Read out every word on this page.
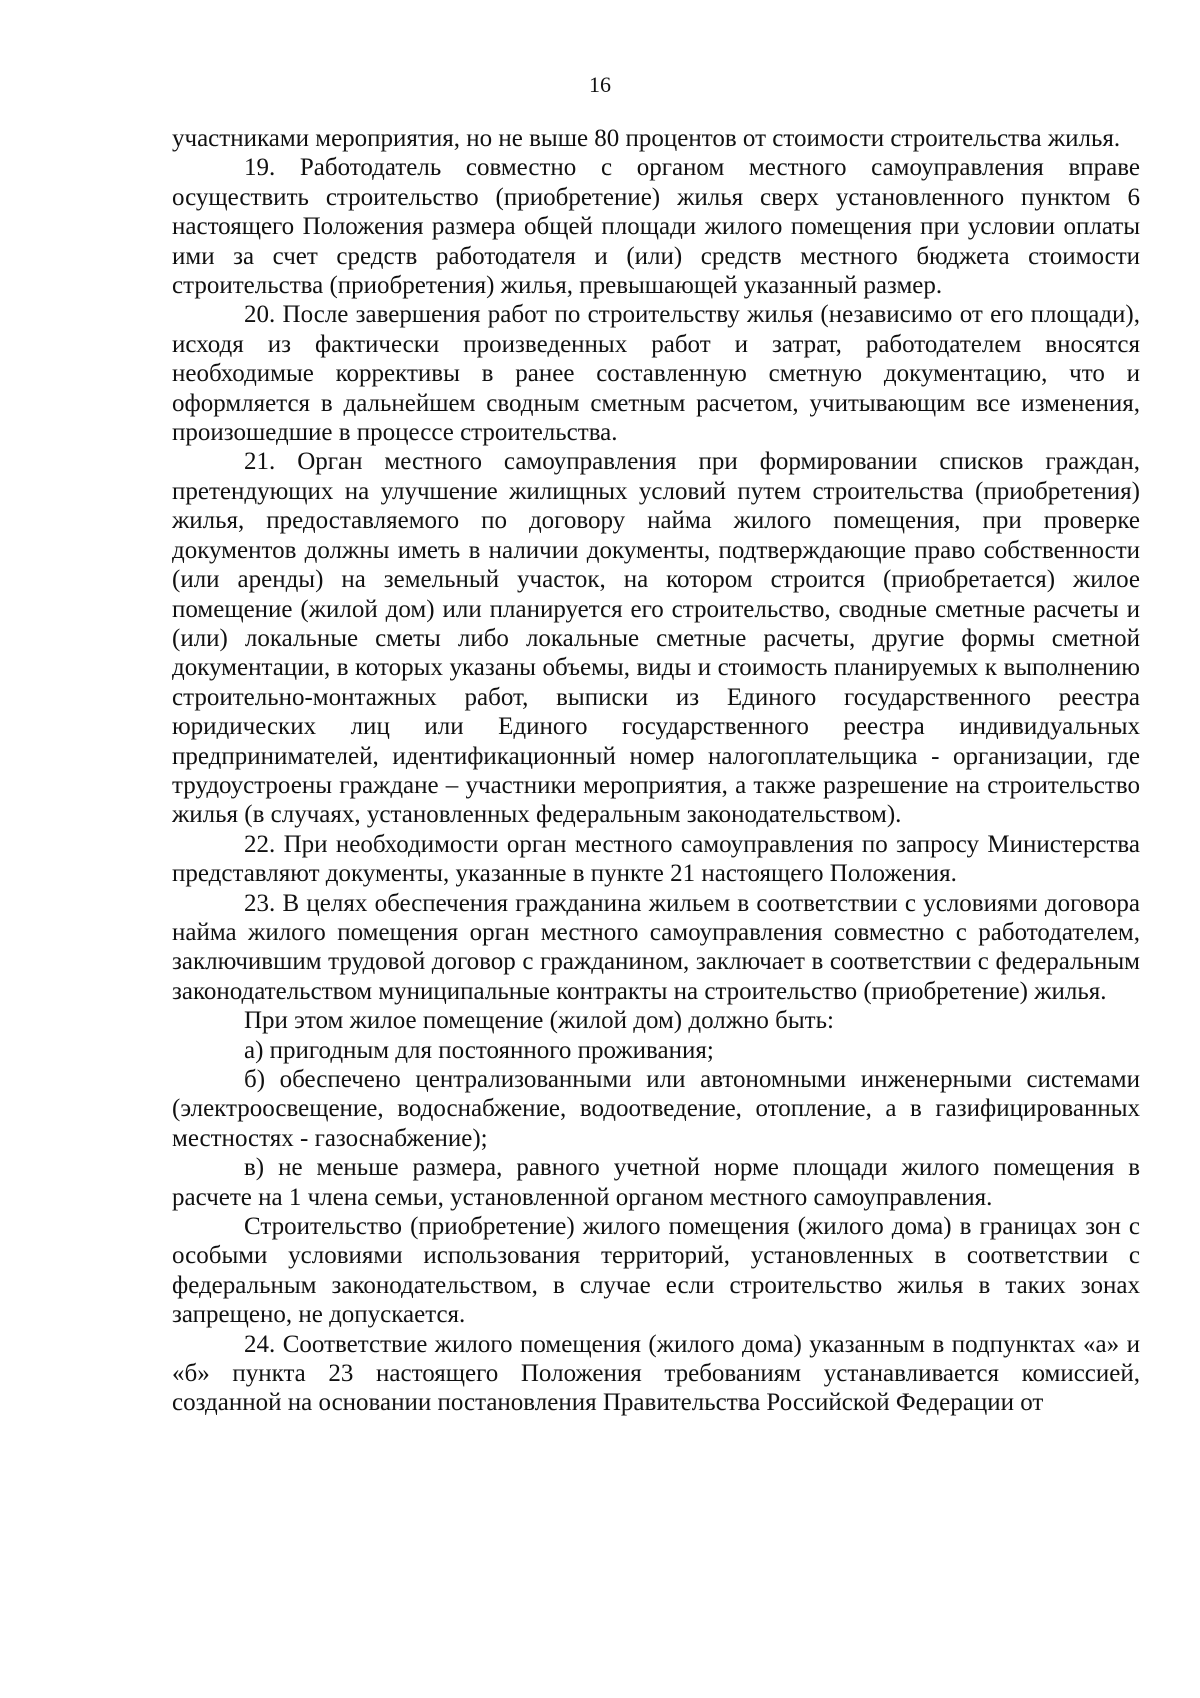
16

участниками мероприятия, но не выше 80 процентов от стоимости строительства жилья.

19. Работодатель совместно с органом местного самоуправления вправе осуществить строительство (приобретение) жилья сверх установленного пунктом 6 настоящего Положения размера общей площади жилого помещения при условии оплаты ими за счет средств работодателя и (или) средств местного бюджета стоимости строительства (приобретения) жилья, превышающей указанный размер.

20. После завершения работ по строительству жилья (независимо от его площади), исходя из фактически произведенных работ и затрат, работодателем вносятся необходимые коррективы в ранее составленную сметную документацию, что и оформляется в дальнейшем сводным сметным расчетом, учитывающим все изменения, произошедшие в процессе строительства.

21. Орган местного самоуправления при формировании списков граждан, претендующих на улучшение жилищных условий путем строительства (приобретения) жилья, предоставляемого по договору найма жилого помещения, при проверке документов должны иметь в наличии документы, подтверждающие право собственности (или аренды) на земельный участок, на котором строится (приобретается) жилое помещение (жилой дом) или планируется его строительство, сводные сметные расчеты и (или) локальные сметы либо локальные сметные расчеты, другие формы сметной документации, в которых указаны объемы, виды и стоимость планируемых к выполнению строительно-монтажных работ, выписки из Единого государственного реестра юридических лиц или Единого государственного реестра индивидуальных предпринимателей, идентификационный номер налогоплательщика - организации, где трудоустроены граждане – участники мероприятия, а также разрешение на строительство жилья (в случаях, установленных федеральным законодательством).

22. При необходимости орган местного самоуправления по запросу Министерства представляют документы, указанные в пункте 21 настоящего Положения.

23. В целях обеспечения гражданина жильем в соответствии с условиями договора найма жилого помещения орган местного самоуправления совместно с работодателем, заключившим трудовой договор с гражданином, заключает в соответствии с федеральным законодательством муниципальные контракты на строительство (приобретение) жилья.

При этом жилое помещение (жилой дом) должно быть:

а) пригодным для постоянного проживания;

б) обеспечено централизованными или автономными инженерными системами (электроосвещение, водоснабжение, водоотведение, отопление, а в газифицированных местностях - газоснабжение);

в) не меньше размера, равного учетной норме площади жилого помещения в расчете на 1 члена семьи, установленной органом местного самоуправления.

Строительство (приобретение) жилого помещения (жилого дома) в границах зон с особыми условиями использования территорий, установленных в соответствии с федеральным законодательством, в случае если строительство жилья в таких зонах запрещено, не допускается.

24. Соответствие жилого помещения (жилого дома) указанным в подпунктах «а» и «б» пункта 23 настоящего Положения требованиям устанавливается комиссией, созданной на основании постановления Правительства Российской Федерации от
